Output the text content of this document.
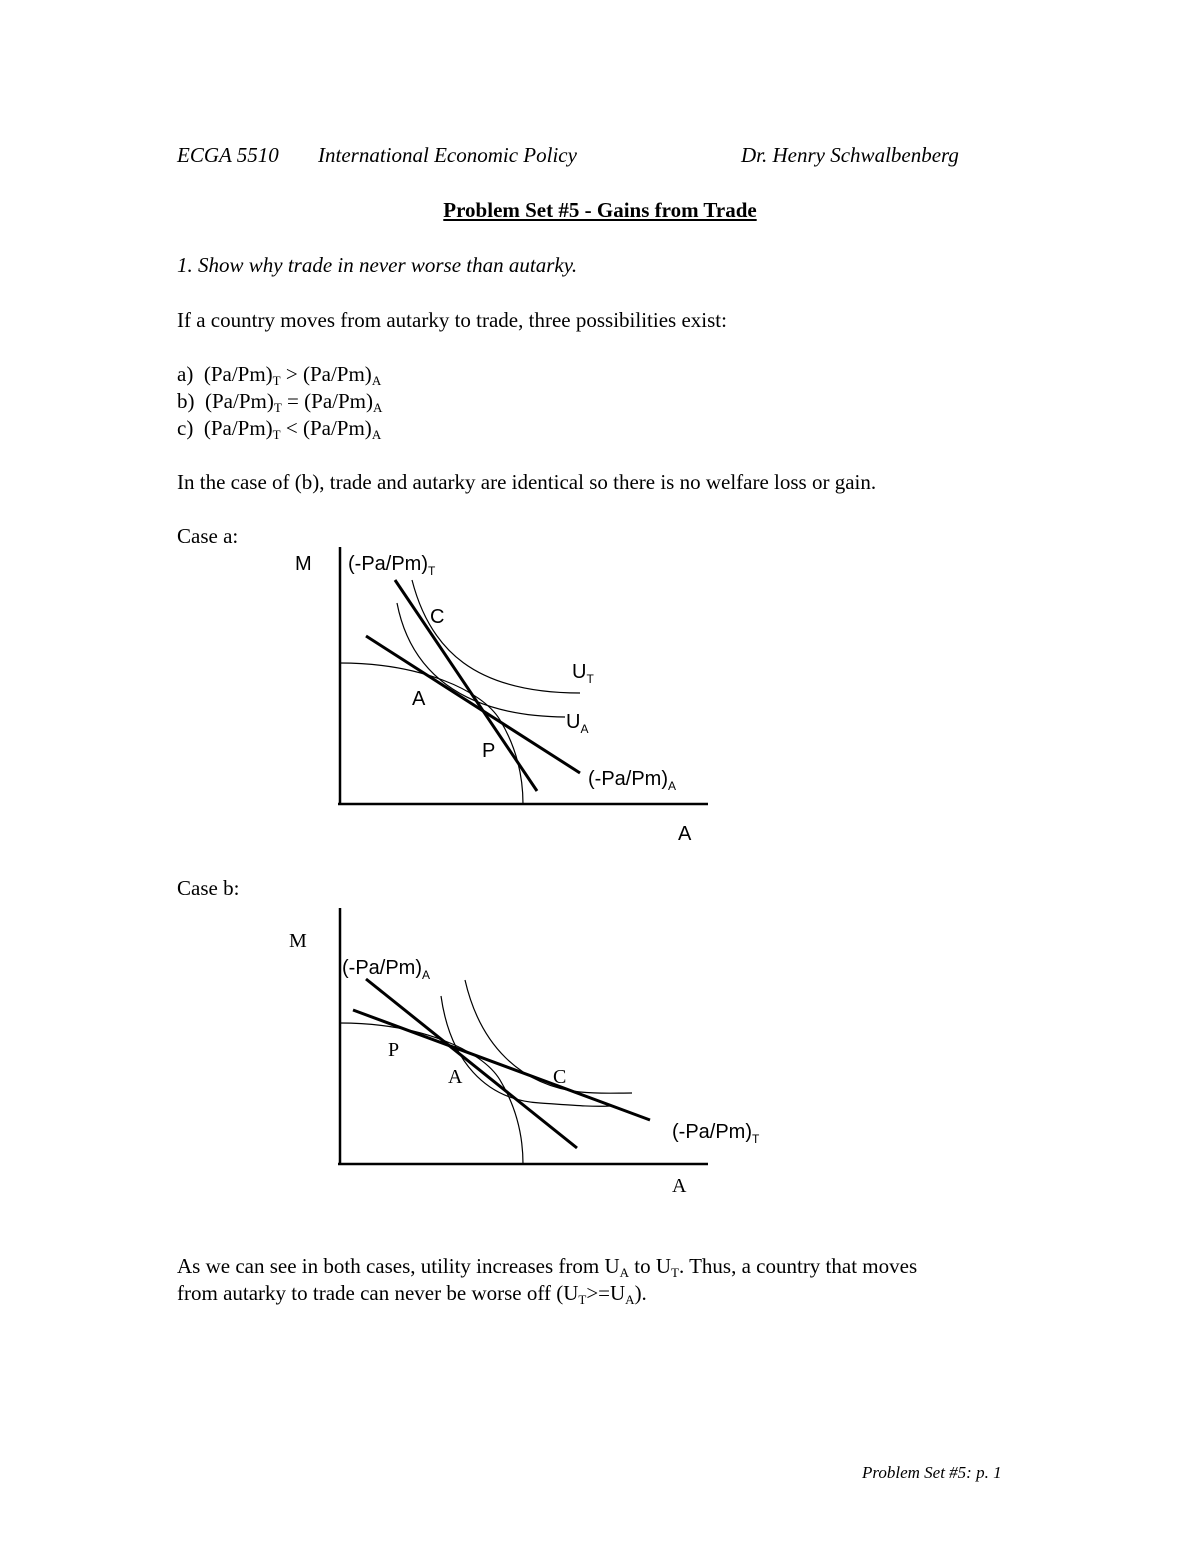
ECGA 5510 International Economic Policy	Dr. Henry Schwalbenberg
Problem Set #5 - Gains from Trade
1. Show why trade in never worse than autarky.
If a country moves from autarky to trade, three possibilities exist:
a) $(Pa/Pm)_T > (Pa/Pm)_A$
b) $(Pa/Pm)_T = (Pa/Pm)_A$
c) $(Pa/Pm)_T < (Pa/Pm)_A$
In the case of (b), trade and autarky are identical so there is no welfare loss or gain.
Case a:
M $(-Pa/Pm)_T$
C
$U_T$
A
$U_A$
P
$(-Pa/Pm)_A$
A
Case b:
M
$(-Pa/Pm)_A$
P
A	C
$(-Pa/Pm)_T$
A
As we can see in both cases, utility increases from $U_A$ to $U_T$. Thus, a country that moves
from autarky to trade can never be worse off $(U_T>=U_A)$.
Problem Set #5: p. 1
